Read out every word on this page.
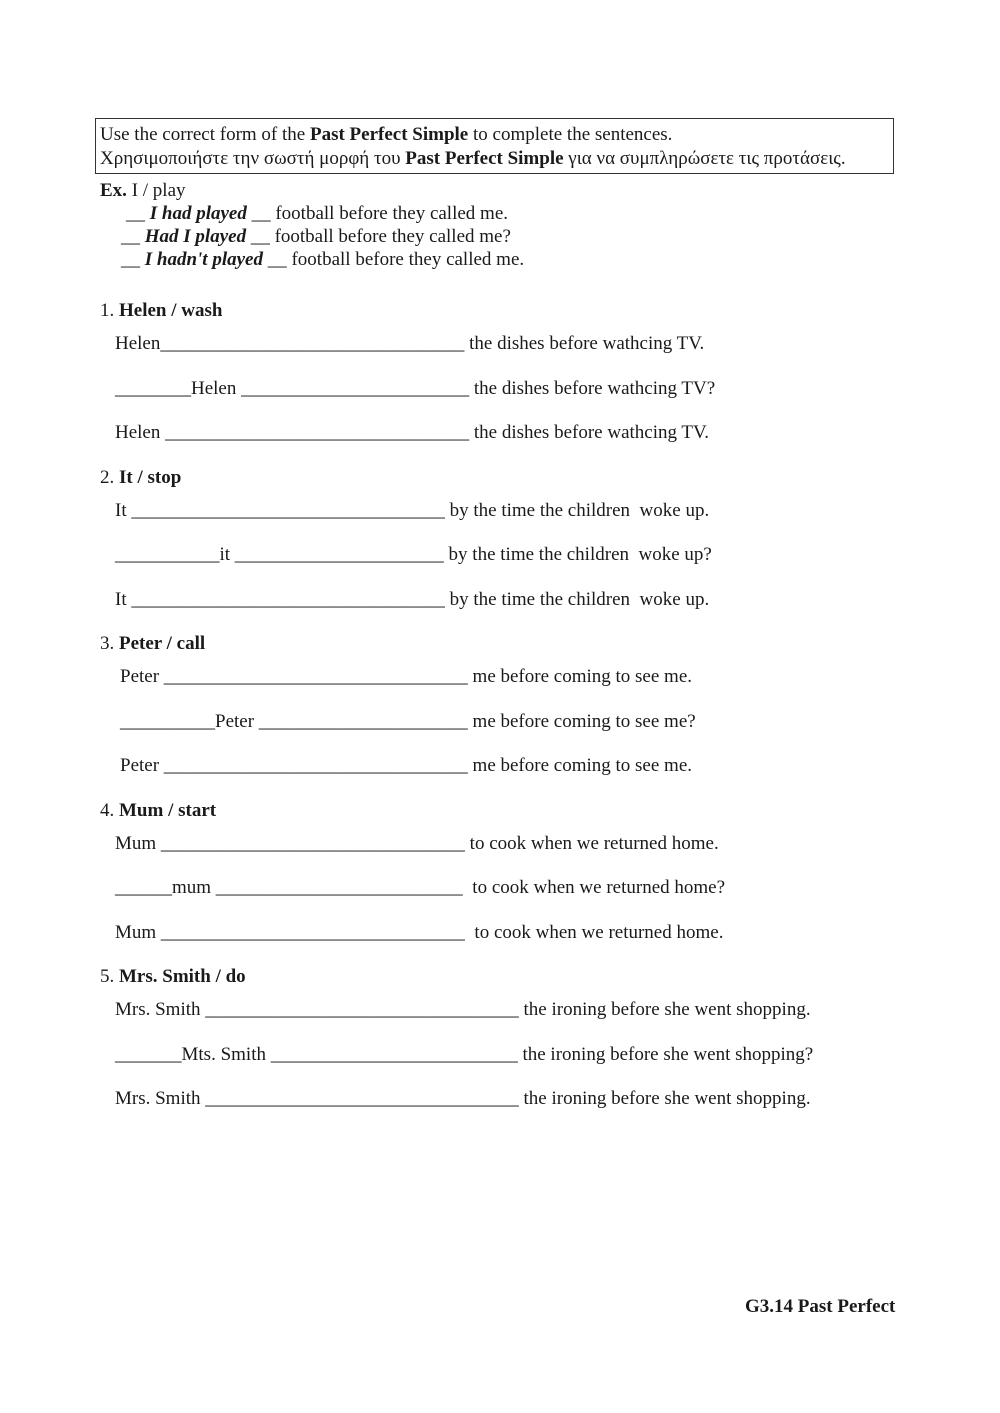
Use the correct form of the Past Perfect Simple to complete the sentences.
Χρησιμοποιήστε την σωστή μορφή του Past Perfect Simple για να συμπληρώσετε τις προτάσεις.
Ex. I / play
__ I had played __ football before they called me.
__ Had I played __ football before they called me?
__ I hadn't played __ football before they called me.
1. Helen / wash
Helen________________________________ the dishes before wathcing TV.
________Helen ________________________ the dishes before wathcing TV?
Helen ________________________________ the dishes before wathcing TV.
2. It / stop
It _________________________________ by the time the children  woke up.
___________it ______________________ by the time the children  woke up?
It _________________________________ by the time the children  woke up.
3. Peter / call
Peter ________________________________ me before coming to see me.
__________Peter ______________________ me before coming to see me?
Peter ________________________________ me before coming to see me.
4. Mum / start
Mum ________________________________ to cook when we returned home.
______mum __________________________  to cook when we returned home?
Mum ________________________________  to cook when we returned home.
5. Mrs. Smith / do
Mrs. Smith _________________________________ the ironing before she went shopping.
_______Mts. Smith __________________________ the ironing before she went shopping?
Mrs. Smith _________________________________ the ironing before she went shopping.
G3.14 Past Perfect
